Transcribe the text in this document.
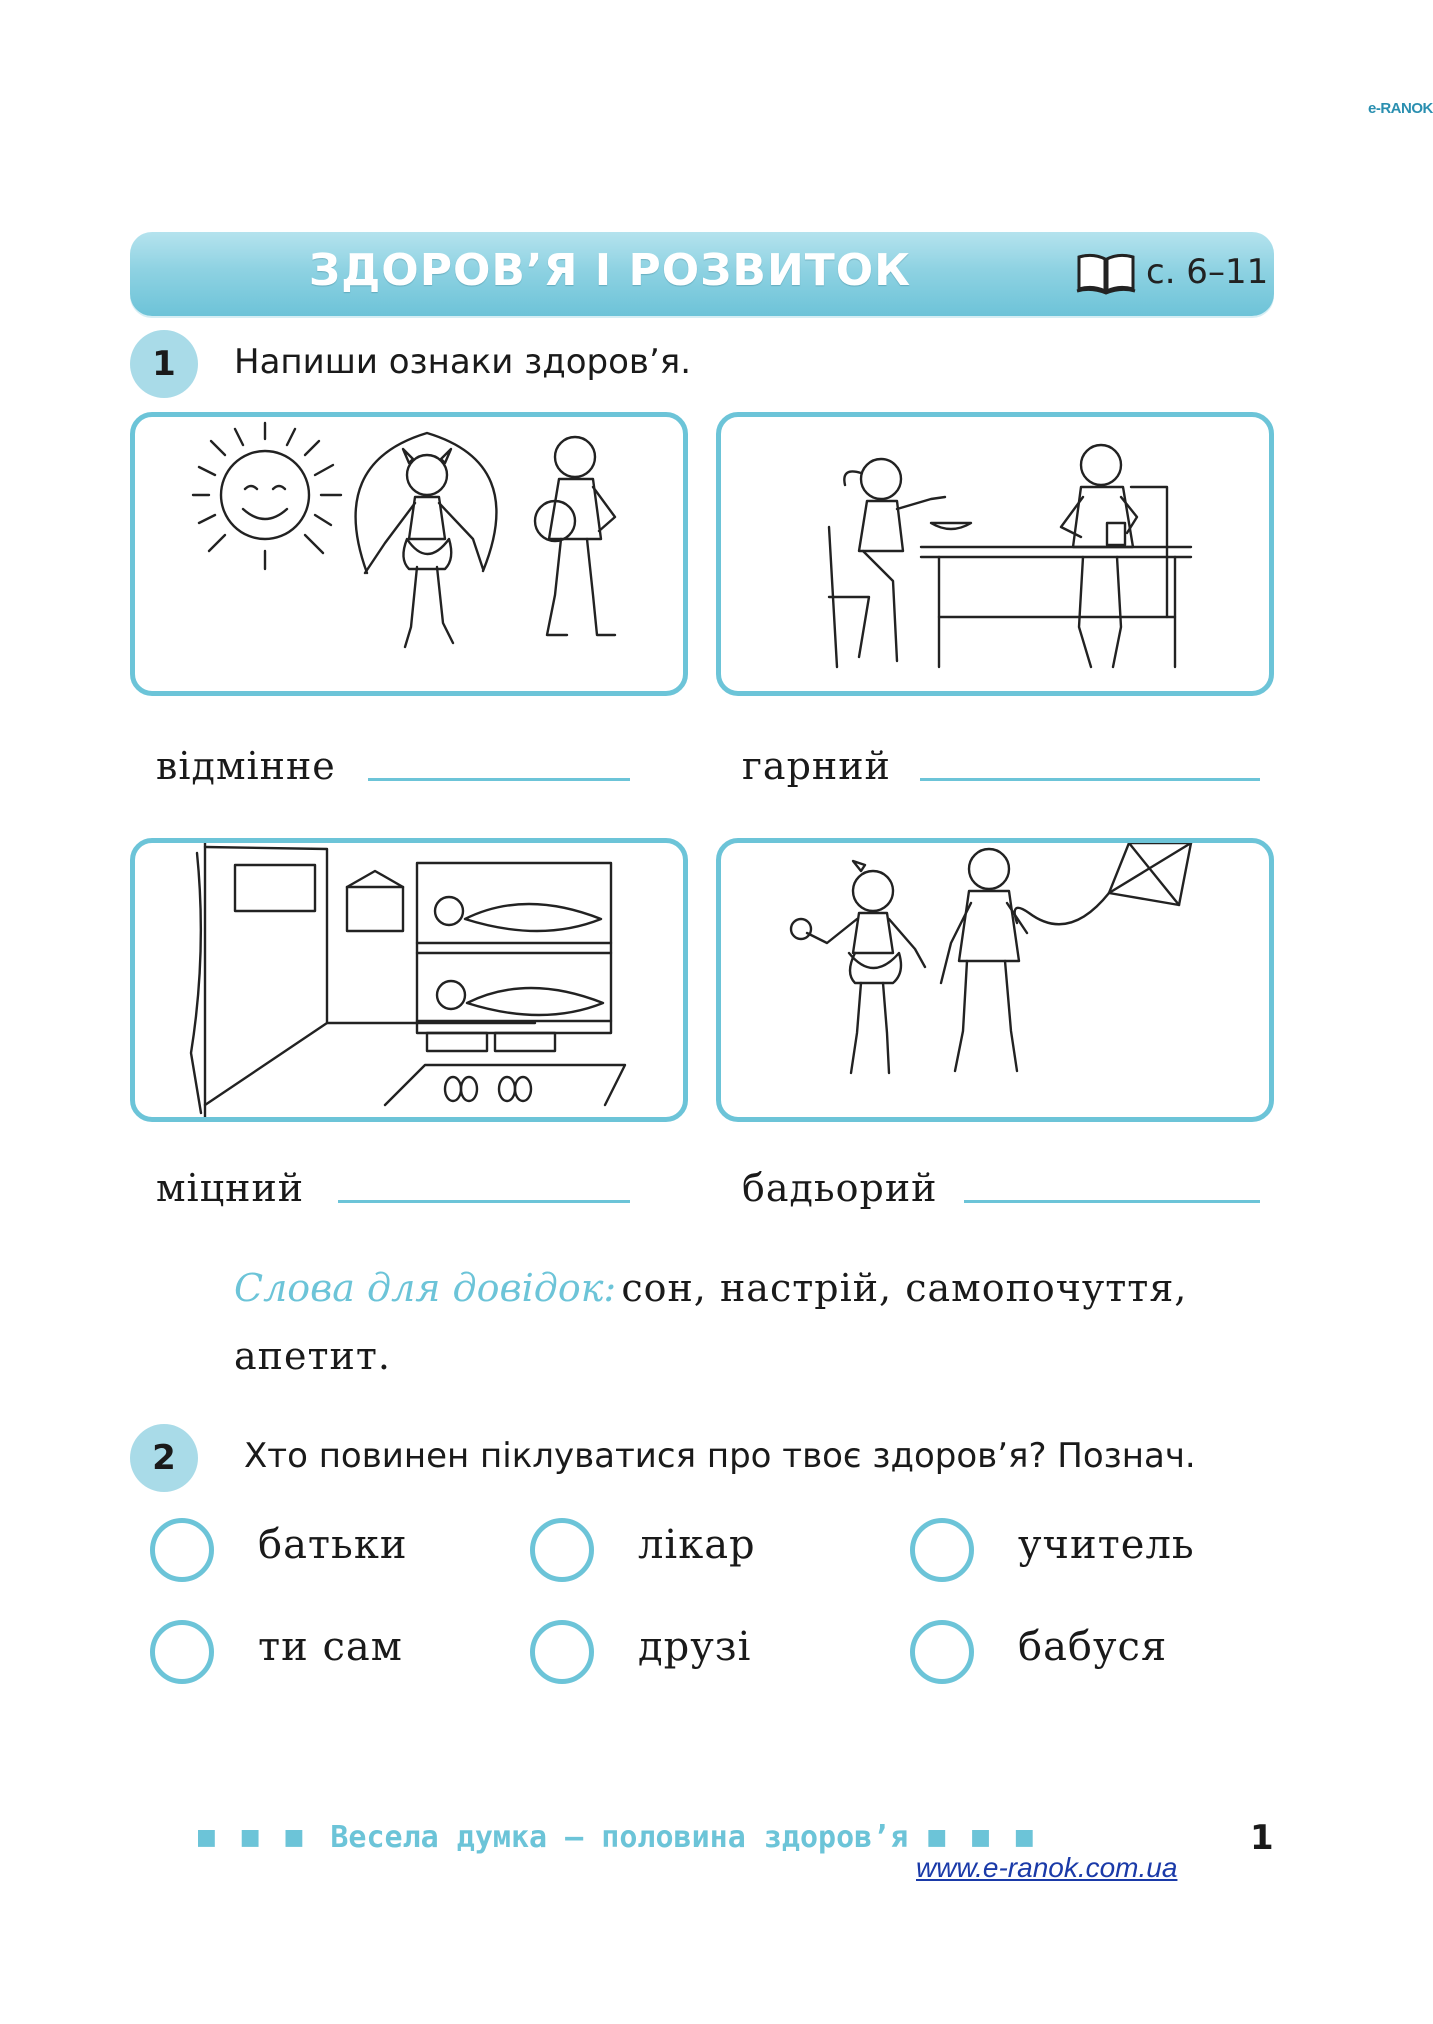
e-RANOK
ЗДОРОВ’Я І РОЗВИТОК	с. 6–11
1	Напиши ознаки здоров’я.
відмінне	гарний
міцний	бадьорий
Слова для довідок: сон, настрій, самопочуття,
апетит.
2	Хто повинен піклуватися про твоє здоров’я? Познач.
батьки	лікар	учитель
ти сам	друзі	бабуся
■ ■ ■ Весела думка — половина здоров’я ■ ■ ■	1
www.e-ranok.com.ua
